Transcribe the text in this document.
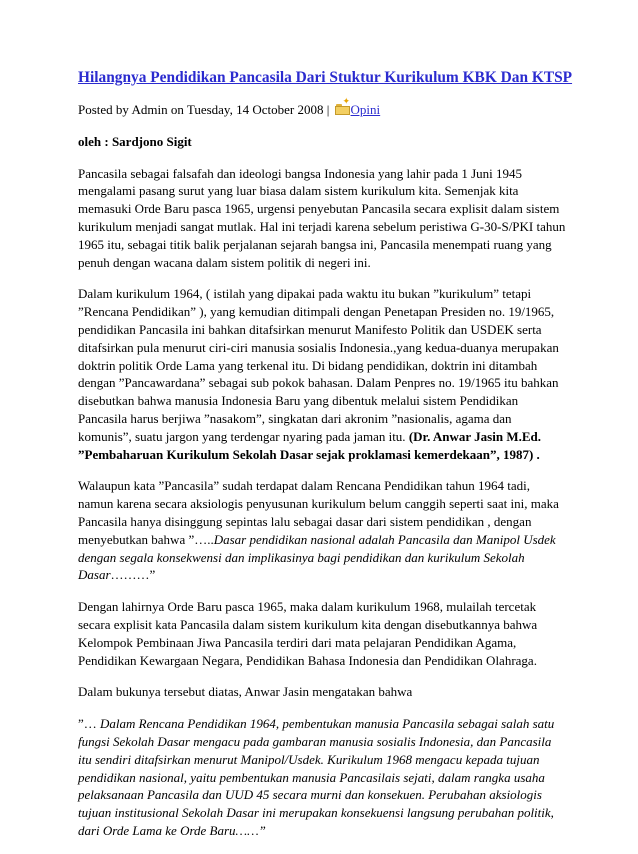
Hilangnya Pendidikan Pancasila Dari Stuktur Kurikulum KBK Dan KTSP
Posted by Admin on Tuesday, 14 October 2008 | ✦ Opini
oleh : Sardjono Sigit

Pancasila sebagai falsafah dan ideologi bangsa Indonesia yang lahir pada 1 Juni 1945 mengalami pasang surut yang luar biasa dalam sistem kurikulum kita. Semenjak kita memasuki Orde Baru pasca 1965, urgensi penyebutan Pancasila secara explisit dalam sistem kurikulum menjadi sangat mutlak. Hal ini terjadi karena sebelum peristiwa G-30-S/PKI tahun 1965 itu, sebagai titik balik perjalanan sejarah bangsa ini, Pancasila menempati ruang yang penuh dengan wacana dalam sistem politik di negeri ini.

Dalam kurikulum 1964, ( istilah yang dipakai pada waktu itu bukan ”kurikulum” tetapi ”Rencana Pendidikan” ), yang kemudian ditimpali dengan Penetapan Presiden no. 19/1965, pendidikan Pancasila ini bahkan ditafsirkan menurut Manifesto Politik dan USDEK serta ditafsirkan pula menurut ciri-ciri manusia sosialis Indonesia.,yang kedua-duanya merupakan doktrin politik Orde Lama yang terkenal itu. Di bidang pendidikan, doktrin ini ditambah dengan ”Pancawardana” sebagai sub pokok bahasan. Dalam Penpres no. 19/1965 itu bahkan disebutkan bahwa manusia Indonesia Baru yang dibentuk melalui sistem Pendidikan Pancasila harus berjiwa ”nasakom”, singkatan dari akronim ”nasionalis, agama dan komunis”, suatu jargon yang terdengar nyaring pada jaman itu. (Dr. Anwar Jasin M.Ed. ”Pembaharuan Kurikulum Sekolah Dasar sejak proklamasi kemerdekaan”, 1987) .

Walaupun kata ”Pancasila” sudah terdapat dalam Rencana Pendidikan tahun 1964 tadi, namun karena secara aksiologis penyusunan kurikulum belum canggih seperti saat ini, maka Pancasila hanya disinggung sepintas lalu sebagai dasar dari sistem pendidikan , dengan menyebutkan bahwa ”…..Dasar pendidikan nasional adalah Pancasila dan Manipol Usdek dengan segala konsekwensi dan implikasinya bagi pendidikan dan kurikulum Sekolah Dasar………”

Dengan lahirnya Orde Baru pasca 1965, maka dalam kurikulum 1968, mulailah tercetak secara explisit kata Pancasila dalam sistem kurikulum kita dengan disebutkannya bahwa Kelompok Pembinaan Jiwa Pancasila terdiri dari mata pelajaran Pendidikan Agama, Pendidikan Kewargaan Negara, Pendidikan Bahasa Indonesia dan Pendidikan Olahraga.

Dalam bukunya tersebut diatas, Anwar Jasin mengatakan bahwa

”… Dalam Rencana Pendidikan 1964, pembentukan manusia Pancasila sebagai salah satu fungsi Sekolah Dasar mengacu pada gambaran manusia sosialis Indonesia, dan Pancasila itu sendiri ditafsirkan menurut Manipol/Usdek. Kurikulum 1968 mengacu kepada tujuan pendidikan nasional, yaitu pembentukan manusia Pancasilais sejati, dalam rangka usaha pelaksanaan Pancasila dan UUD 45 secara murni dan konsekuen. Perubahan aksiologis tujuan institusional Sekolah Dasar ini merupakan konsekuensi langsung perubahan politik, dari Orde Lama ke Orde Baru……”
